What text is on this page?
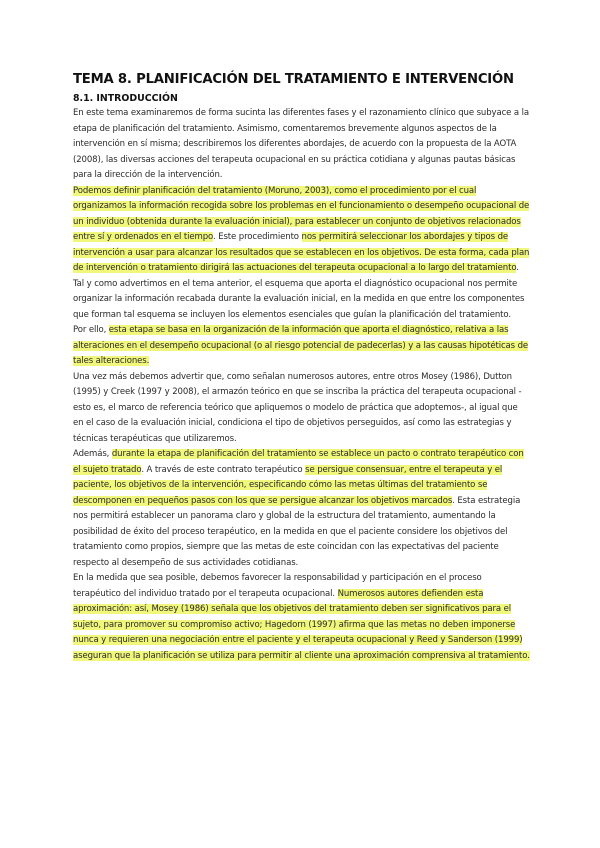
TEMA 8. PLANIFICACIÓN DEL TRATAMIENTO E INTERVENCIÓN
8.1. INTRODUCCIÓN

En este tema examinaremos de forma sucinta las diferentes fases y el razonamiento clínico que subyace a la etapa de planificación del tratamiento. Asimismo, comentaremos brevemente algunos aspectos de la intervención en sí misma; describiremos los diferentes abordajes, de acuerdo con la propuesta de la AOTA (2008), las diversas acciones del terapeuta ocupacional en su práctica cotidiana y algunas pautas básicas para la dirección de la intervención.

Podemos definir planificación del tratamiento (Moruno, 2003), como el procedimiento por el cual organizamos la información recogida sobre los problemas en el funcionamiento o desempeño ocupacional de un individuo (obtenida durante la evaluación inicial), para establecer un conjunto de objetivos relacionados entre sí y ordenados en el tiempo. Este procedimiento nos permitirá seleccionar los abordajes y tipos de intervención a usar para alcanzar los resultados que se establecen en los objetivos. De esta forma, cada plan de intervención o tratamiento dirigirá las actuaciones del terapeuta ocupacional a lo largo del tratamiento.

Tal y como advertimos en el tema anterior, el esquema que aporta el diagnóstico ocupacional nos permite organizar la información recabada durante la evaluación inicial, en la medida en que entre los componentes que forman tal esquema se incluyen los elementos esenciales que guían la planificación del tratamiento.

Por ello, esta etapa se basa en la organización de la información que aporta el diagnóstico, relativa a las alteraciones en el desempeño ocupacional (o al riesgo potencial de padecerlas) y a las causas hipotéticas de tales alteraciones.

Una vez más debemos advertir que, como señalan numerosos autores, entre otros Mosey (1986), Dutton (1995) y Creek (1997 y 2008), el armazón teórico en que se inscriba la práctica del terapeuta ocupacional -esto es, el marco de referencia teórico que apliquemos o modelo de práctica que adoptemos-, al igual que en el caso de la evaluación inicial, condiciona el tipo de objetivos perseguidos, así como las estrategias y técnicas terapéuticas que utilizaremos.

Además, durante la etapa de planificación del tratamiento se establece un pacto o contrato terapéutico con el sujeto tratado. A través de este contrato terapéutico se persigue consensuar, entre el terapeuta y el paciente, los objetivos de la intervención, especificando cómo las metas últimas del tratamiento se descomponen en pequeños pasos con los que se persigue alcanzar los objetivos marcados. Esta estrategia nos permitirá establecer un panorama claro y global de la estructura del tratamiento, aumentando la posibilidad de éxito del proceso terapéutico, en la medida en que el paciente considere los objetivos del tratamiento como propios, siempre que las metas de este coincidan con las expectativas del paciente respecto al desempeño de sus actividades cotidianas.

En la medida que sea posible, debemos favorecer la responsabilidad y participación en el proceso terapéutico del individuo tratado por el terapeuta ocupacional. Numerosos autores defienden esta aproximación: así, Mosey (1986) señala que los objetivos del tratamiento deben ser significativos para el sujeto, para promover su compromiso activo; Hagedorn (1997) afirma que las metas no deben imponerse nunca y requieren una negociación entre el paciente y el terapeuta ocupacional y Reed y Sanderson (1999) aseguran que la planificación se utiliza para permitir al cliente una aproximación comprensiva al tratamiento.
